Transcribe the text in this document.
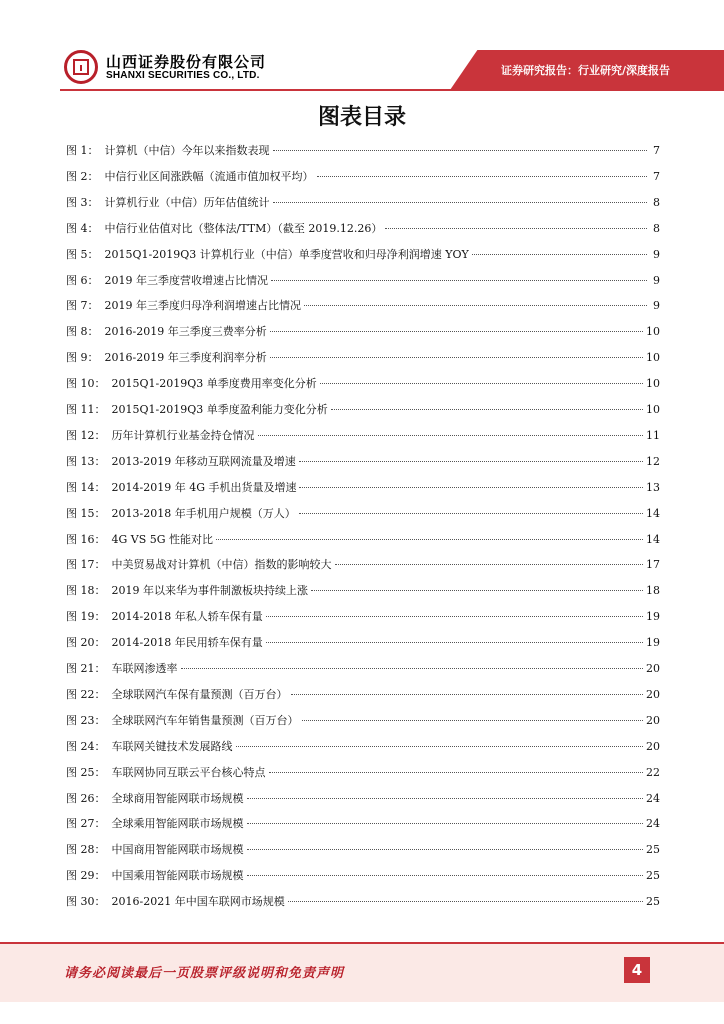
山西证券股份有限公司
SHANXI SECURITIES CO., LTD.	证券研究报告：行业研究/深度报告
图表目录
图 1： 计算机（中信）今年以来指数表现	7
图 2： 中信行业区间涨跌幅（流通市值加权平均）	7
图 3： 计算机行业（中信）历年估值统计	8
图 4： 中信行业估值对比（整体法/TTM）（截至 2019.12.26）	8
图 5： 2015Q1-2019Q3 计算机行业（中信）单季度营收和归母净利润增速 YOY	9
图 6： 2019 年三季度营收增速占比情况	9
图 7： 2019 年三季度归母净利润增速占比情况	9
图 8： 2016-2019 年三季度三费率分析	10
图 9： 2016-2019 年三季度利润率分析	10
图 10： 2015Q1-2019Q3 单季度费用率变化分析	10
图 11： 2015Q1-2019Q3 单季度盈利能力变化分析	10
图 12： 历年计算机行业基金持仓情况	11
图 13： 2013-2019 年移动互联网流量及增速	12
图 14： 2014-2019 年 4G 手机出货量及增速	13
图 15： 2013-2018 年手机用户规模（万人）	14
图 16： 4G VS 5G 性能对比	14
图 17： 中美贸易战对计算机（中信）指数的影响较大	17
图 18： 2019 年以来华为事件制激板块持续上涨	18
图 19： 2014-2018 年私人轿车保有量	19
图 20： 2014-2018 年民用轿车保有量	19
图 21： 车联网渗透率	20
图 22： 全球联网汽车保有量预测（百万台）	20
图 23： 全球联网汽车年销售量预测（百万台）	20
图 24： 车联网关键技术发展路线	20
图 25： 车联网协同互联云平台核心特点	22
图 26： 全球商用智能网联市场规模	24
图 27： 全球乘用智能网联市场规模	24
图 28： 中国商用智能网联市场规模	25
图 29： 中国乘用智能网联市场规模	25
图 30： 2016-2021 年中国车联网市场规模	25
请务必阅读最后一页股票评级说明和免责声明	4
